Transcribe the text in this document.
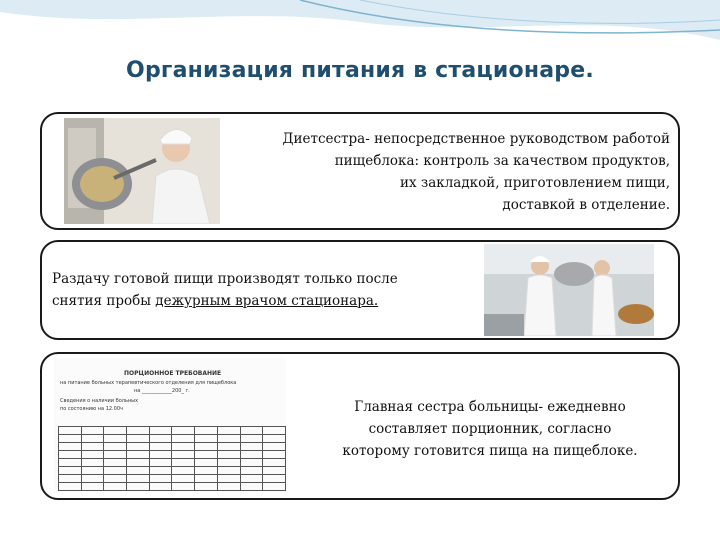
Организация питания в стационаре.
Диетсестра- непосредственное руководством работой
пищеблока: контроль за качеством продуктов,
их закладкой, приготовлением пищи,
доставкой в отделение.
Раздачу готовой пищи производят только после
снятия пробы дежурным врачом стационара.
ПОРЦИОННОЕ ТРЕБОВАНИЕ
на питание больных терапевтического отделения для пищеблока
на ____________200_ г.
Сведения о наличии больных
по состоянию на 12.00ч

										Главная сестра больницы- ежедневно
составляет порционник, согласно
которому готовится пища на пищеблоке.
